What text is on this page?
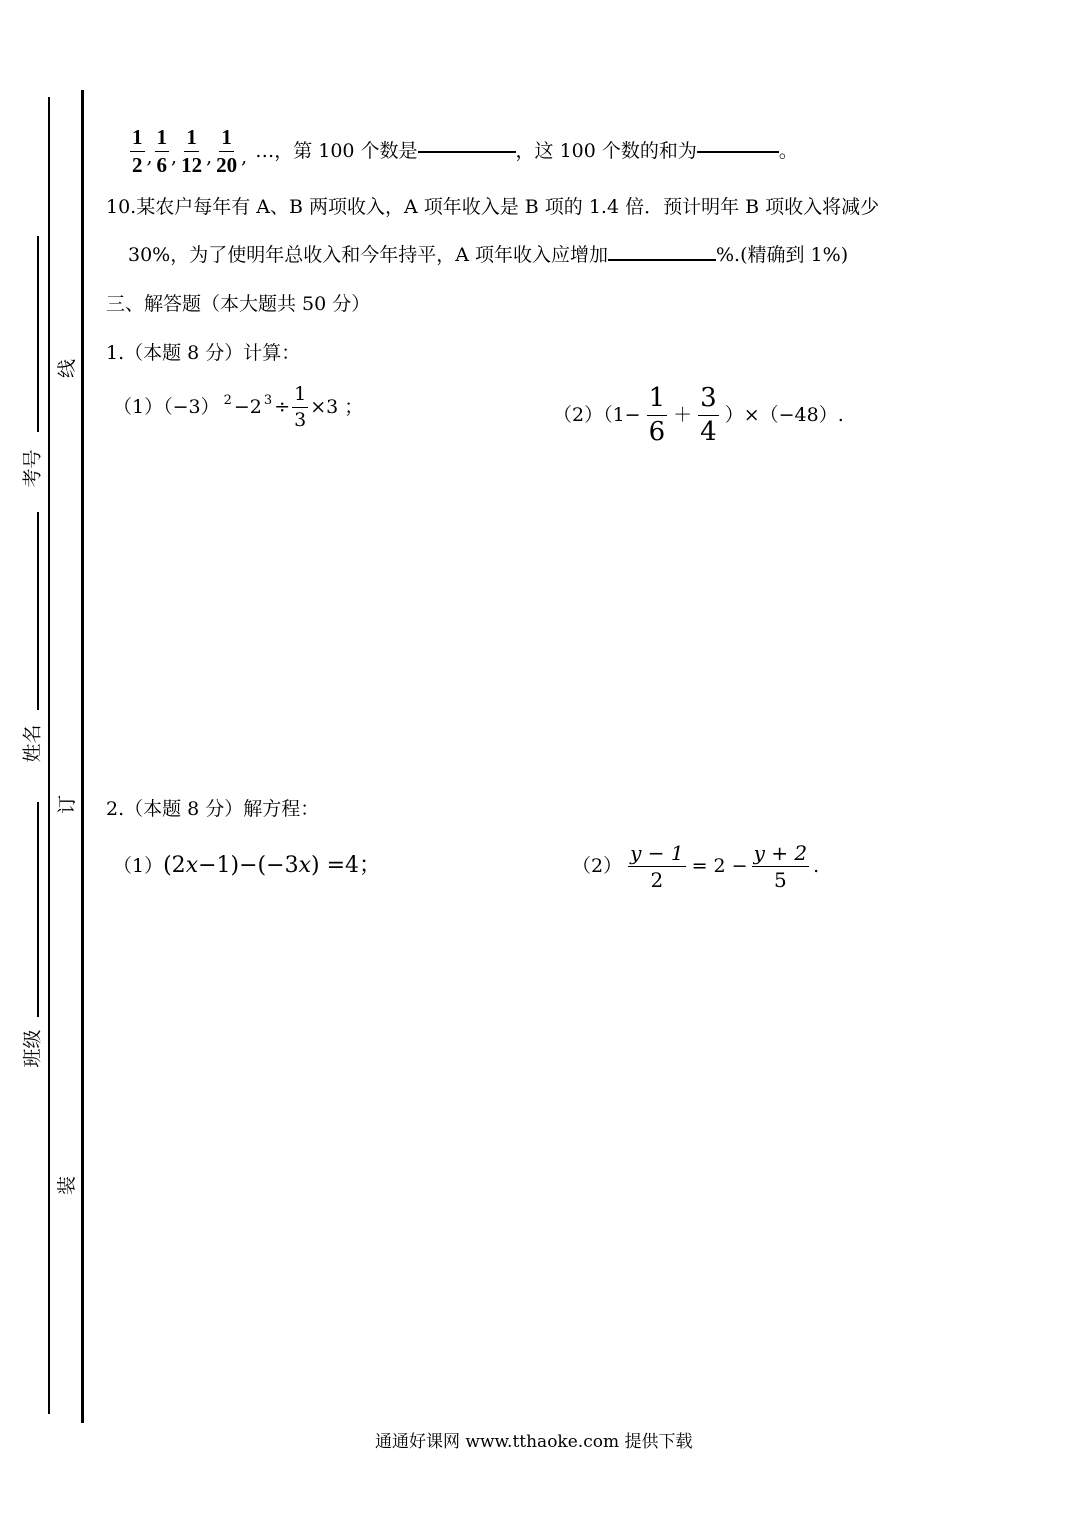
考号
姓名
班级
线
订
装
$\frac{1}{2}$ , $\frac{1}{6}$ , $\frac{1}{12}$ , $\frac{1}{20}$ , …，第 100 个数是	，这 100 个数的和为	。
10.某农户每年有 A、B 两项收入，A 项年收入是 B 项的 1.4 倍．预计明年 B 项收入将减少
30%，为了使明年总收入和今年持平，A 项年收入应增加	%.(精确到 1%)
三、解答题（本大题共 50 分）
1.（本题 8 分）计算：
（1）（−3） $^2 -2^3 \div \frac{1}{3} \times 3$ ；	$(2)(1- \frac{1}{6} + \frac{3}{4} )\times(-48)$.
2.（本题 8 分）解方程：
（1） (2x−1)−(−3x) =4；	$(2) \frac{y - 1}{2} = 2 - \frac{y + 2}{5}$ .
通通好课网 www.tthaoke.com 提供下载
